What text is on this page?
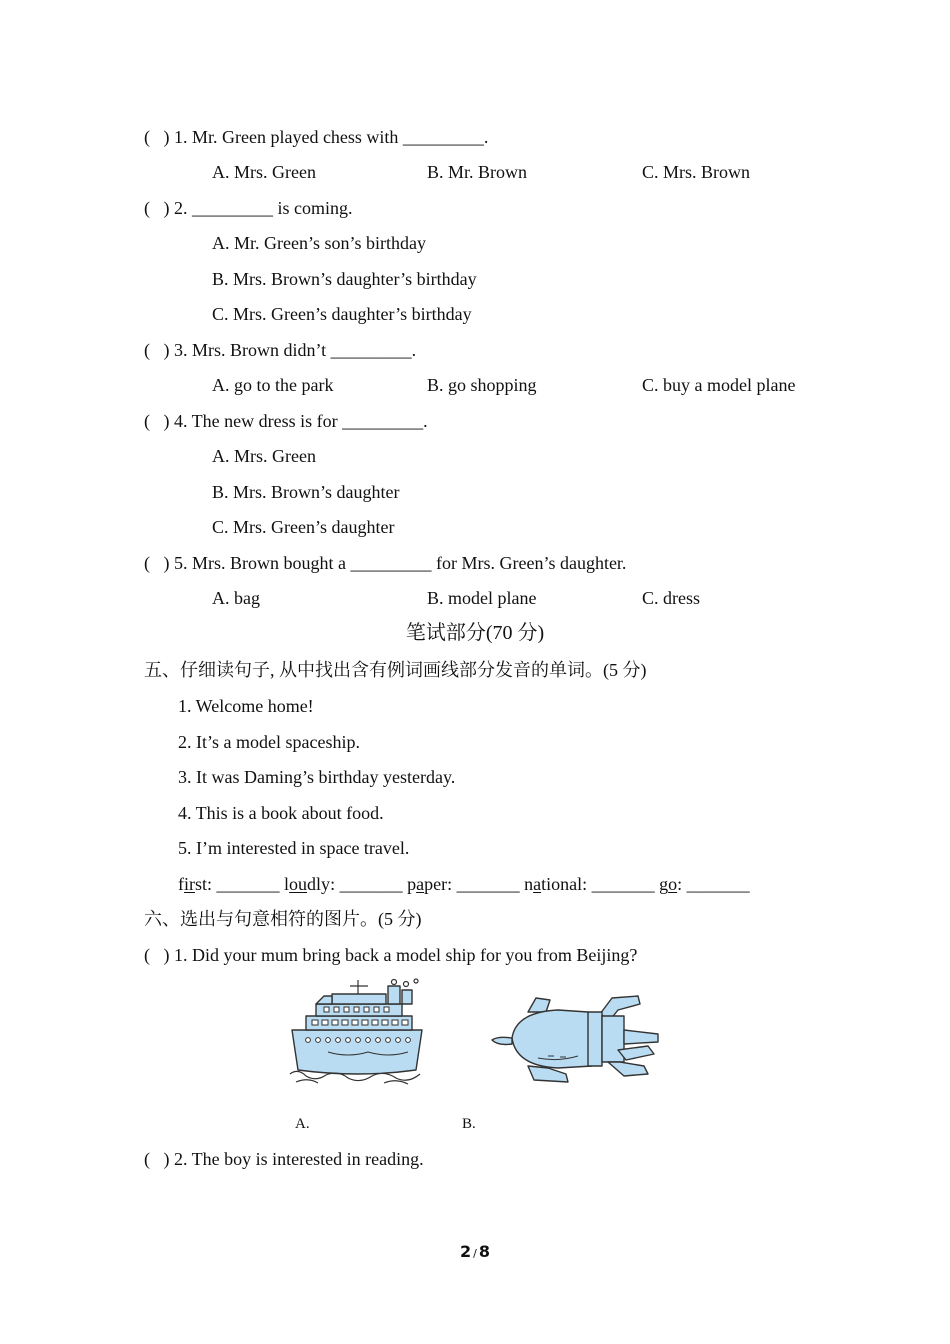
(   ) 1. Mr. Green played chess with _________.
A. Mrs. Green	B. Mr. Brown	C. Mrs. Brown
(   ) 2. _________ is coming.
A. Mr. Green’s son’s birthday
B. Mrs. Brown’s daughter’s birthday
C. Mrs. Green’s daughter’s birthday
(   ) 3. Mrs. Brown didn’t _________.
A. go to the park	B. go shopping	C. buy a model plane
(   ) 4. The new dress is for _________.
A. Mrs. Green
B. Mrs. Brown’s daughter
C. Mrs. Green’s daughter
(   ) 5. Mrs. Brown bought a _________ for Mrs. Green’s daughter.
A. bag	B. model plane	C. dress
笔试部分(70 分)
五、仔细读句子, 从中找出含有例词画线部分发音的单词。(5 分)
1. Welcome home!
2. It’s a model spaceship.
3. It was Daming’s birthday yesterday.
4. This is a book about food.
5. I’m interested in space travel.
first: _______ loudly: _______ paper: _______ national: _______ go: _______
六、选出与句意相符的图片。(5 分)
(   ) 1. Did your mum bring back a model ship for you from Beijing?
A.	B.
(   ) 2. The boy is interested in reading.
2 / 8
